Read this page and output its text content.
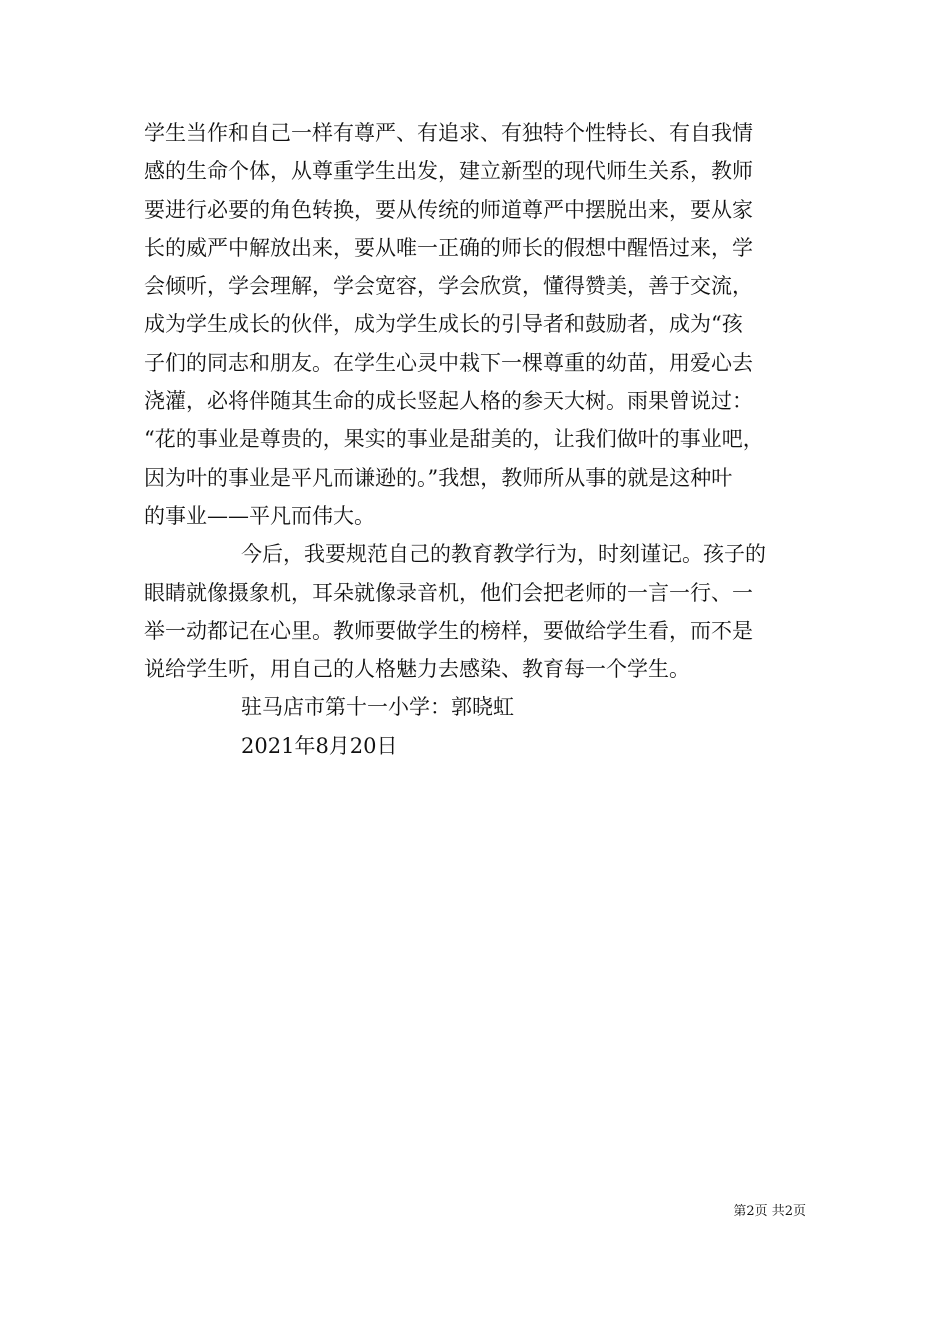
学生当作和自己一样有尊严、有追求、有独特个性特长、有自我情
感的生命个体，从尊重学生出发，建立新型的现代师生关系，教师
要进行必要的角色转换，要从传统的师道尊严中摆脱出来，要从家
长的威严中解放出来，要从唯一正确的师长的假想中醒悟过来，学
会倾听，学会理解，学会宽容，学会欣赏，懂得赞美，善于交流，
成为学生成长的伙伴，成为学生成长的引导者和鼓励者，成为“孩
子们的同志和朋友。在学生心灵中栽下一棵尊重的幼苗，用爱心去
浇灌，必将伴随其生命的成长竖起人格的参天大树。雨果曾说过：
“花的事业是尊贵的，果实的事业是甜美的，让我们做叶的事业吧，
因为叶的事业是平凡而谦逊的。”我想，教师所从事的就是这种叶
的事业——平凡而伟大。
今后，我要规范自己的教育教学行为，时刻谨记。孩子的
眼睛就像摄象机，耳朵就像录音机，他们会把老师的一言一行、一
举一动都记在心里。教师要做学生的榜样，要做给学生看，而不是
说给学生听，用自己的人格魅力去感染、教育每一个学生。
驻马店市第十一小学：郭晓虹
2021年8月20日
第2页 共2页
